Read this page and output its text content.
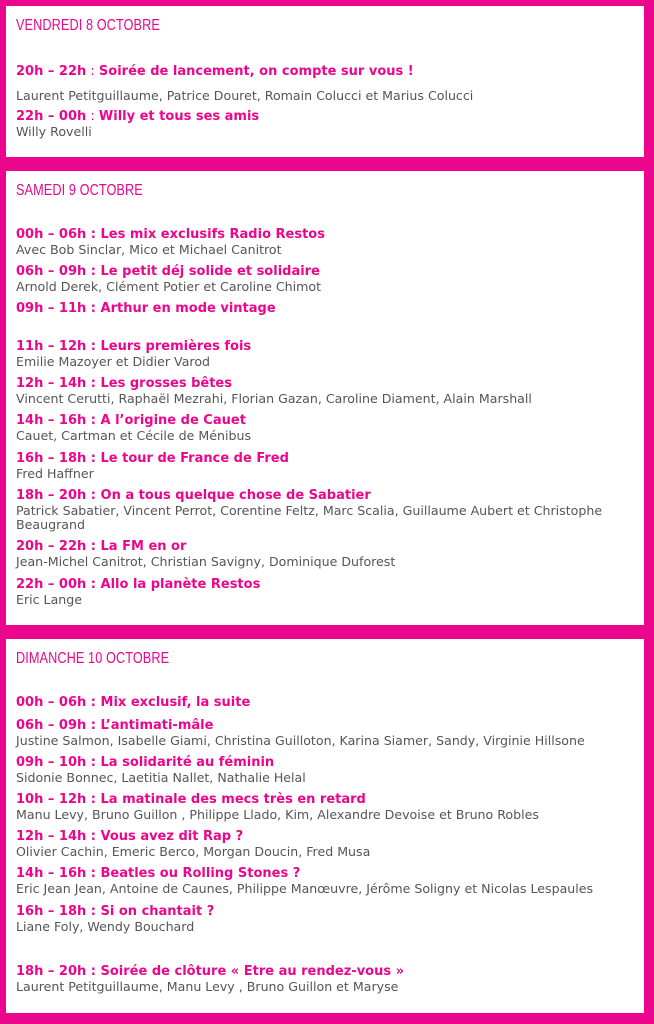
VENDREDI 8 OCTOBRE

20h – 22h : Soirée de lancement, on compte sur vous !

Laurent Petitguillaume, Patrice Douret, Romain Colucci et Marius Colucci

22h – 00h : Willy et tous ses amis

Willy Rovelli

SAMEDI 9 OCTOBRE

00h – 06h : Les mix exclusifs Radio Restos

Avec Bob Sinclar, Mico et Michael Canitrot

06h – 09h : Le petit déj solide et solidaire

Arnold Derek, Clément Potier et Caroline Chimot

09h – 11h : Arthur en mode vintage

11h – 12h : Leurs premières fois

Emilie Mazoyer et Didier Varod

12h – 14h : Les grosses bêtes

Vincent Cerutti, Raphaël Mezrahi, Florian Gazan, Caroline Diament, Alain Marshall

14h – 16h : A l’origine de Cauet

Cauet, Cartman et Cécile de Ménibus

16h – 18h : Le tour de France de Fred

Fred Haffner

18h – 20h : On a tous quelque chose de Sabatier

Patrick Sabatier, Vincent Perrot, Corentine Feltz, Marc Scalia, Guillaume Aubert et Christophe

Beaugrand

20h – 22h : La FM en or

Jean-Michel Canitrot, Christian Savigny, Dominique Duforest

22h – 00h : Allo la planète Restos

Eric Lange

DIMANCHE 10 OCTOBRE

00h – 06h : Mix exclusif, la suite

06h – 09h : L’antimati-mâle

Justine Salmon, Isabelle Giami, Christina Guilloton, Karina Siamer, Sandy, Virginie Hillsone

09h – 10h : La solidarité au féminin

Sidonie Bonnec, Laetitia Nallet, Nathalie Helal

10h – 12h : La matinale des mecs très en retard

Manu Levy, Bruno Guillon , Philippe Llado, Kim, Alexandre Devoise et Bruno Robles

12h – 14h : Vous avez dit Rap ?

Olivier Cachin, Emeric Berco, Morgan Doucin, Fred Musa

14h – 16h : Beatles ou Rolling Stones ?

Eric Jean Jean, Antoine de Caunes, Philippe Manœuvre, Jérôme Soligny et Nicolas Lespaules

16h – 18h : Si on chantait ?

Liane Foly, Wendy Bouchard

18h – 20h : Soirée de clôture « Etre au rendez-vous »

Laurent Petitguillaume, Manu Levy , Bruno Guillon et Maryse
